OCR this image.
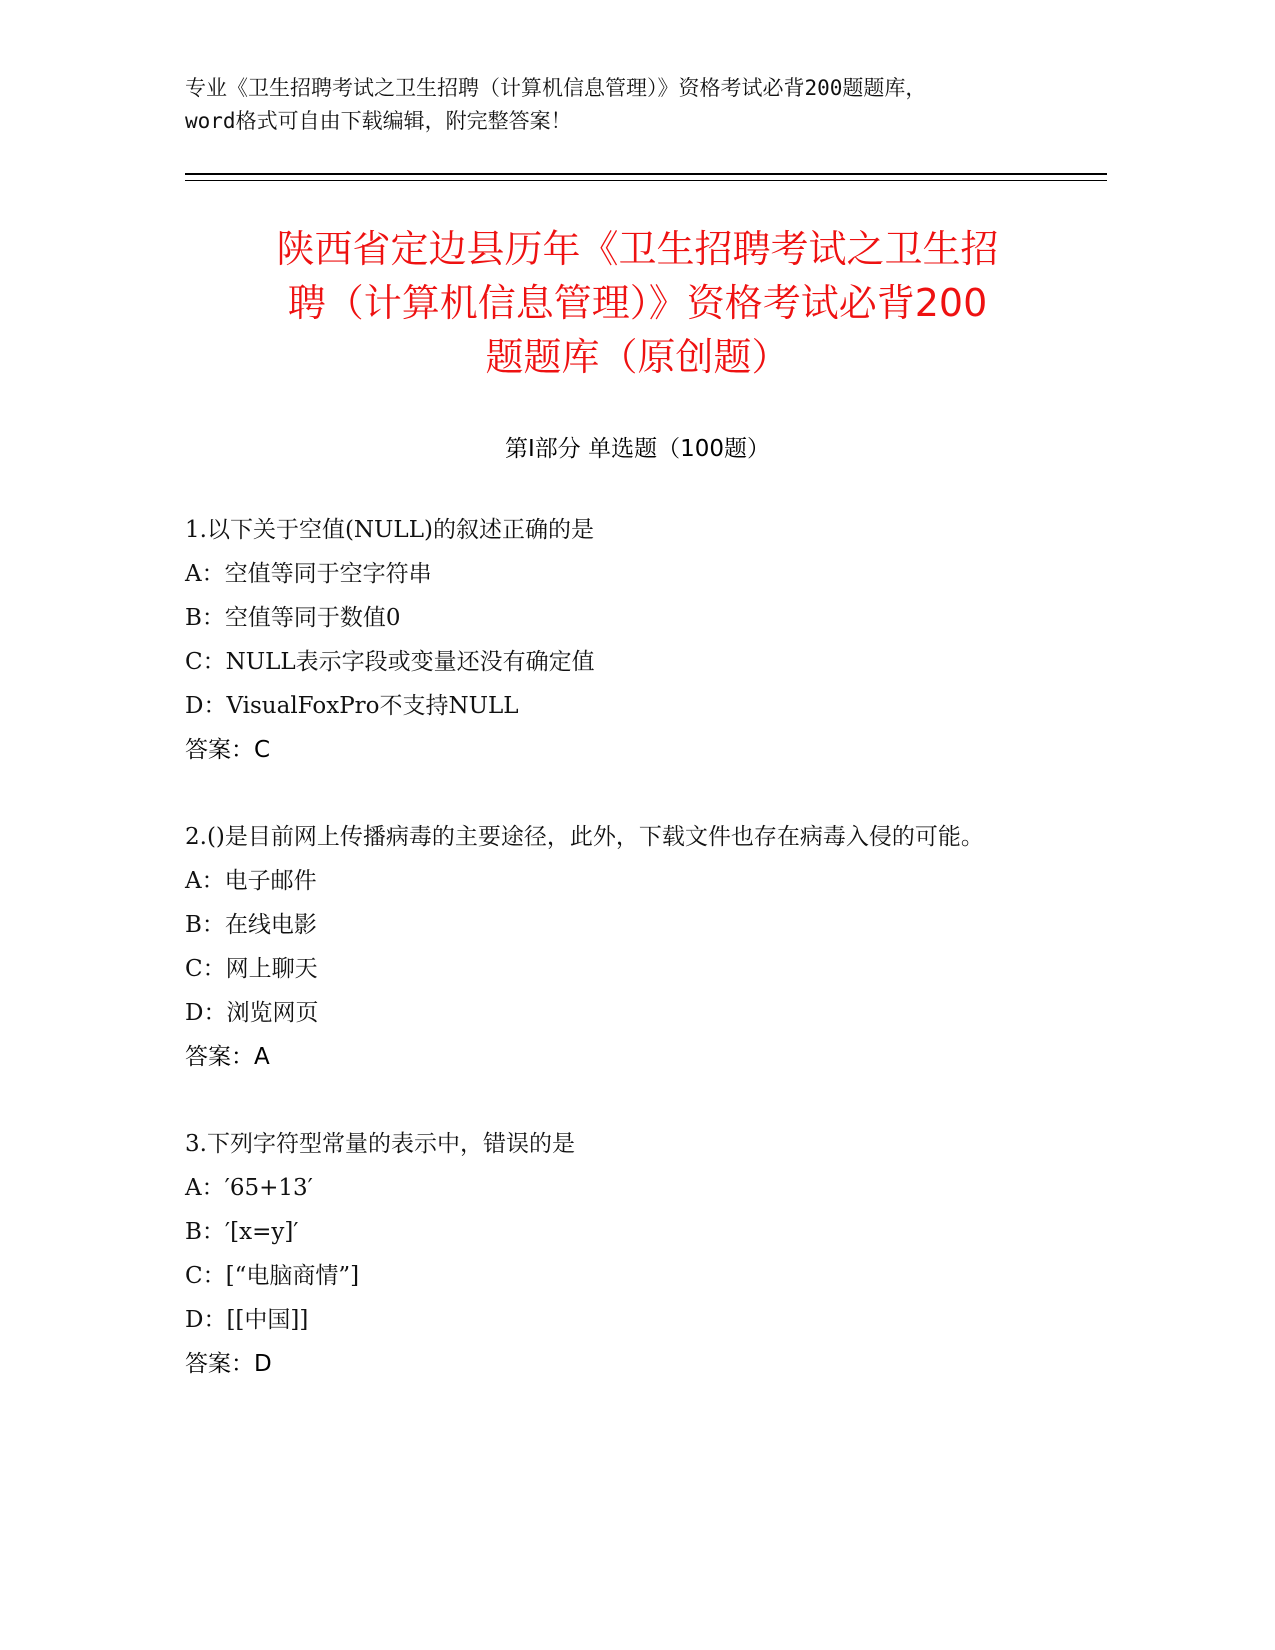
专业《卫生招聘考试之卫生招聘（计算机信息管理）》资格考试必背200题题库，
word格式可自由下载编辑，附完整答案！
陕西省定边县历年《卫生招聘考试之卫生招
聘（计算机信息管理）》资格考试必背200
题题库（原创题）
第I部分 单选题（100题）
1.以下关于空值(NULL)的叙述正确的是
A：空值等同于空字符串
B：空值等同于数值0
C：NULL表示字段或变量还没有确定值
D：VisualFoxPro不支持NULL
答案：C
2.()是目前网上传播病毒的主要途径，此外，下载文件也存在病毒入侵的可能。
A：电子邮件
B：在线电影
C：网上聊天
D：浏览网页
答案：A
3.下列字符型常量的表示中，错误的是
A：′65+13′
B：′[x=y]′
C：[“电脑商情”]
D：[[中国]]
答案：D
